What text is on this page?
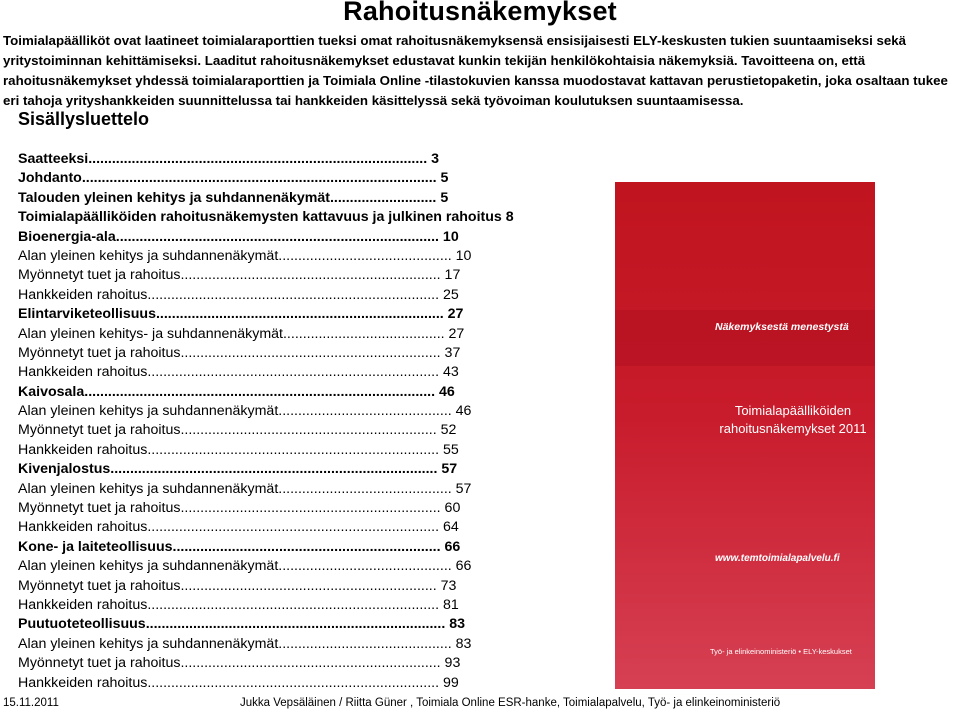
Rahoitusnäkemykset
Toimialapäälliköt ovat laatineet toimialaraporttien tueksi omat rahoitusnäkemyksensä ensisijaisesti ELY-keskusten tukien suuntaamiseksi sekä yritystoiminnan kehittämiseksi. Laaditut rahoitusnäkemykset edustavat kunkin tekijän henkilökohtaisia näkemyksiä. Tavoitteena on, että rahoitusnäkemykset yhdessä toimialaraporttien ja Toimiala Online -tilastokuvien kanssa muodostavat kattavan perustietopaketin, joka osaltaan tukee eri tahoja yrityshankkeiden suunnittelussa tai hankkeiden käsittelyssä sekä työvoiman koulutuksen suuntaamisessa.
Sisällysluettelo
Saatteeksi...................................................................................... 3
Johdanto.......................................................................................... 5
Talouden yleinen kehitys ja suhdannenäkymät........................... 5
Toimialapäälliköiden rahoitusnäkemysten kattavuus ja julkinen rahoitus 8
Bioenergia-ala.................................................................................. 10
Alan yleinen kehitys ja suhdannenäkymät............................................ 10
Myönnetyt tuet ja rahoitus.................................................................. 17
Hankkeiden rahoitus.......................................................................... 25
Elintarviketeollisuus......................................................................... 27
Alan yleinen kehitys- ja suhdannenäkymät......................................... 27
Myönnetyt tuet ja rahoitus.................................................................. 37
Hankkeiden rahoitus.......................................................................... 43
Kaivosala......................................................................................... 46
Alan yleinen kehitys ja suhdannenäkymät............................................ 46
Myönnetyt tuet ja rahoitus................................................................. 52
Hankkeiden rahoitus.......................................................................... 55
Kivenjalostus................................................................................... 57
Alan yleinen kehitys ja suhdannenäkymät............................................ 57
Myönnetyt tuet ja rahoitus.................................................................. 60
Hankkeiden rahoitus.......................................................................... 64
Kone- ja laiteteollisuus.................................................................... 66
Alan yleinen kehitys ja suhdannenäkymät............................................ 66
Myönnetyt tuet ja rahoitus................................................................. 73
Hankkeiden rahoitus.......................................................................... 81
Puutuoteteollisuus............................................................................ 83
Alan yleinen kehitys ja suhdannenäkymät............................................ 83
Myönnetyt tuet ja rahoitus.................................................................. 93
Hankkeiden rahoitus.......................................................................... 99
Näkemyksestä menestystä
Toimialapäälliköiden
rahoitusnäkemykset 2011
www.temtoimialapalvelu.fi
Työ- ja elinkeinoministeriö • ELY-keskukset
15.11.2011	Jukka Vepsäläinen / Riitta Güner , Toimiala Online ESR-hanke, Toimialapalvelu, Työ- ja elinkeinoministeriö
